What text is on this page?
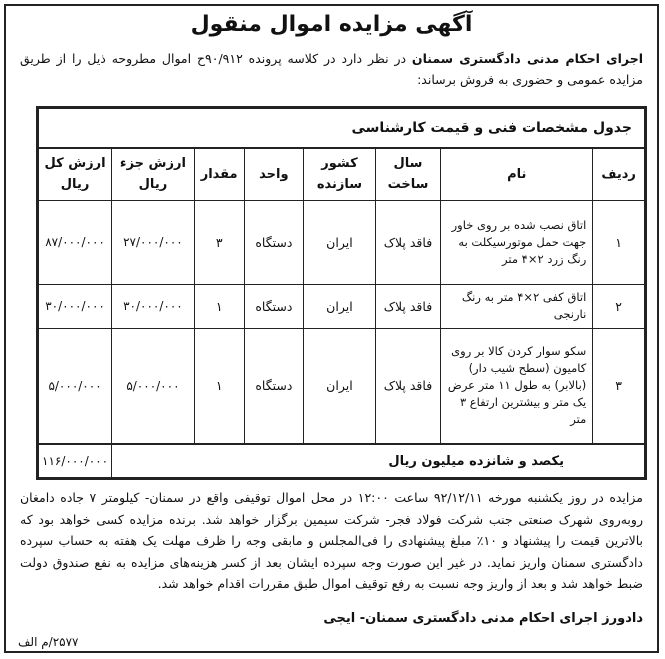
آگهی مزایده اموال منقول
اجرای احکام مدنی دادگستری سمنان در نظر دارد در کلاسه پرونده ۹۰/۹۱۲ح اموال مطروحه ذیل را از طریق مزایده عمومی و حضوری به فروش برساند:
جدول مشخصات فنی و قیمت کارشناسی							
ردیف	نام	سال ساخت	کشور سازنده	واحد	مقدار	ارزش جزء ریال	ارزش کل ریال
۱	اتاق نصب شده بر روی خاور جهت حمل موتورسیکلت به رنگ زرد ۲×۴ متر	فاقد پلاک	ایران	دستگاه	۳	۲۷/۰۰۰/۰۰۰	۸۷/۰۰۰/۰۰۰
۲	اتاق کفی ۲×۴ متر به رنگ نارنجی	فاقد پلاک	ایران	دستگاه	۱	۳۰/۰۰۰/۰۰۰	۳۰/۰۰۰/۰۰۰
۳	سکو سوار کردن کالا بر روی کامیون (سطح شیب دار) (بالابر) به طول ۱۱ متر عرض یک متر و بیشترین ارتفاع ۳ متر	فاقد پلاک	ایران	دستگاه	۱	۵/۰۰۰/۰۰۰	۵/۰۰۰/۰۰۰
یکصد و شانزده میلیون ریال							۱۱۶/۰۰۰/۰۰۰
مزایده در روز یکشنبه مورخه ۹۲/۱۲/۱۱ ساعت ۱۲:۰۰ در محل اموال توقیفی واقع در سمنان- کیلومتر ۷ جاده دامغان روبه‌روی شهرک صنعتی جنب شرکت فولاد فجر- شرکت سیمین برگزار خواهد شد. برنده مزایده کسی خواهد بود که بالاترین قیمت را پیشنهاد و ۱۰٪ مبلغ پیشنهادی را فی‌المجلس و مابقی وجه را ظرف مهلت یک هفته به حساب سپرده دادگستری سمنان واریز نماید. در غیر این صورت وجه سپرده ایشان بعد از کسر هزینه‌های مزایده به نفع صندوق دولت ضبط خواهد شد و بعد از واریز وجه نسبت به رفع توقیف اموال طبق مقررات اقدام خواهد شد.
دادورز اجرای احکام مدنی دادگستری سمنان- ایجی
۲۵۷۷/م الف
